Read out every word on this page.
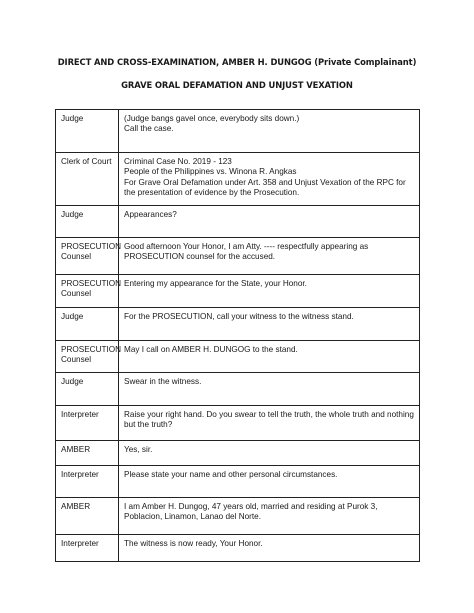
DIRECT AND CROSS-EXAMINATION, AMBER H. DUNGOG (Private Complainant)
GRAVE ORAL DEFAMATION AND UNJUST VEXATION
Judge	(Judge bangs gavel once, everybody sits down.)
Call the case.
Clerk of Court	Criminal Case No. 2019 - 123
People of the Philippines vs. Winona R. Angkas
For Grave Oral Defamation under Art. 358 and Unjust Vexation of the RPC for the presentation of evidence by the Prosecution.
Judge	Appearances?
PROSECUTION
Counsel	Good afternoon Your Honor, I am Atty. ---- respectfully appearing as PROSECUTION counsel for the accused.
PROSECUTION
Counsel	Entering my appearance for the State, your Honor.
Judge	For the PROSECUTION, call your witness to the witness stand.
PROSECUTION
Counsel	May I call on AMBER H. DUNGOG to the stand.
Judge	Swear in the witness.
Interpreter	Raise your right hand. Do you swear to tell the truth, the whole truth and nothing but the truth?
AMBER	Yes, sir.
Interpreter	Please state your name and other personal circumstances.
AMBER	I am Amber H. Dungog, 47 years old, married and residing at Purok 3, Poblacion, Linamon, Lanao del Norte.
Interpreter	The witness is now ready, Your Honor.
